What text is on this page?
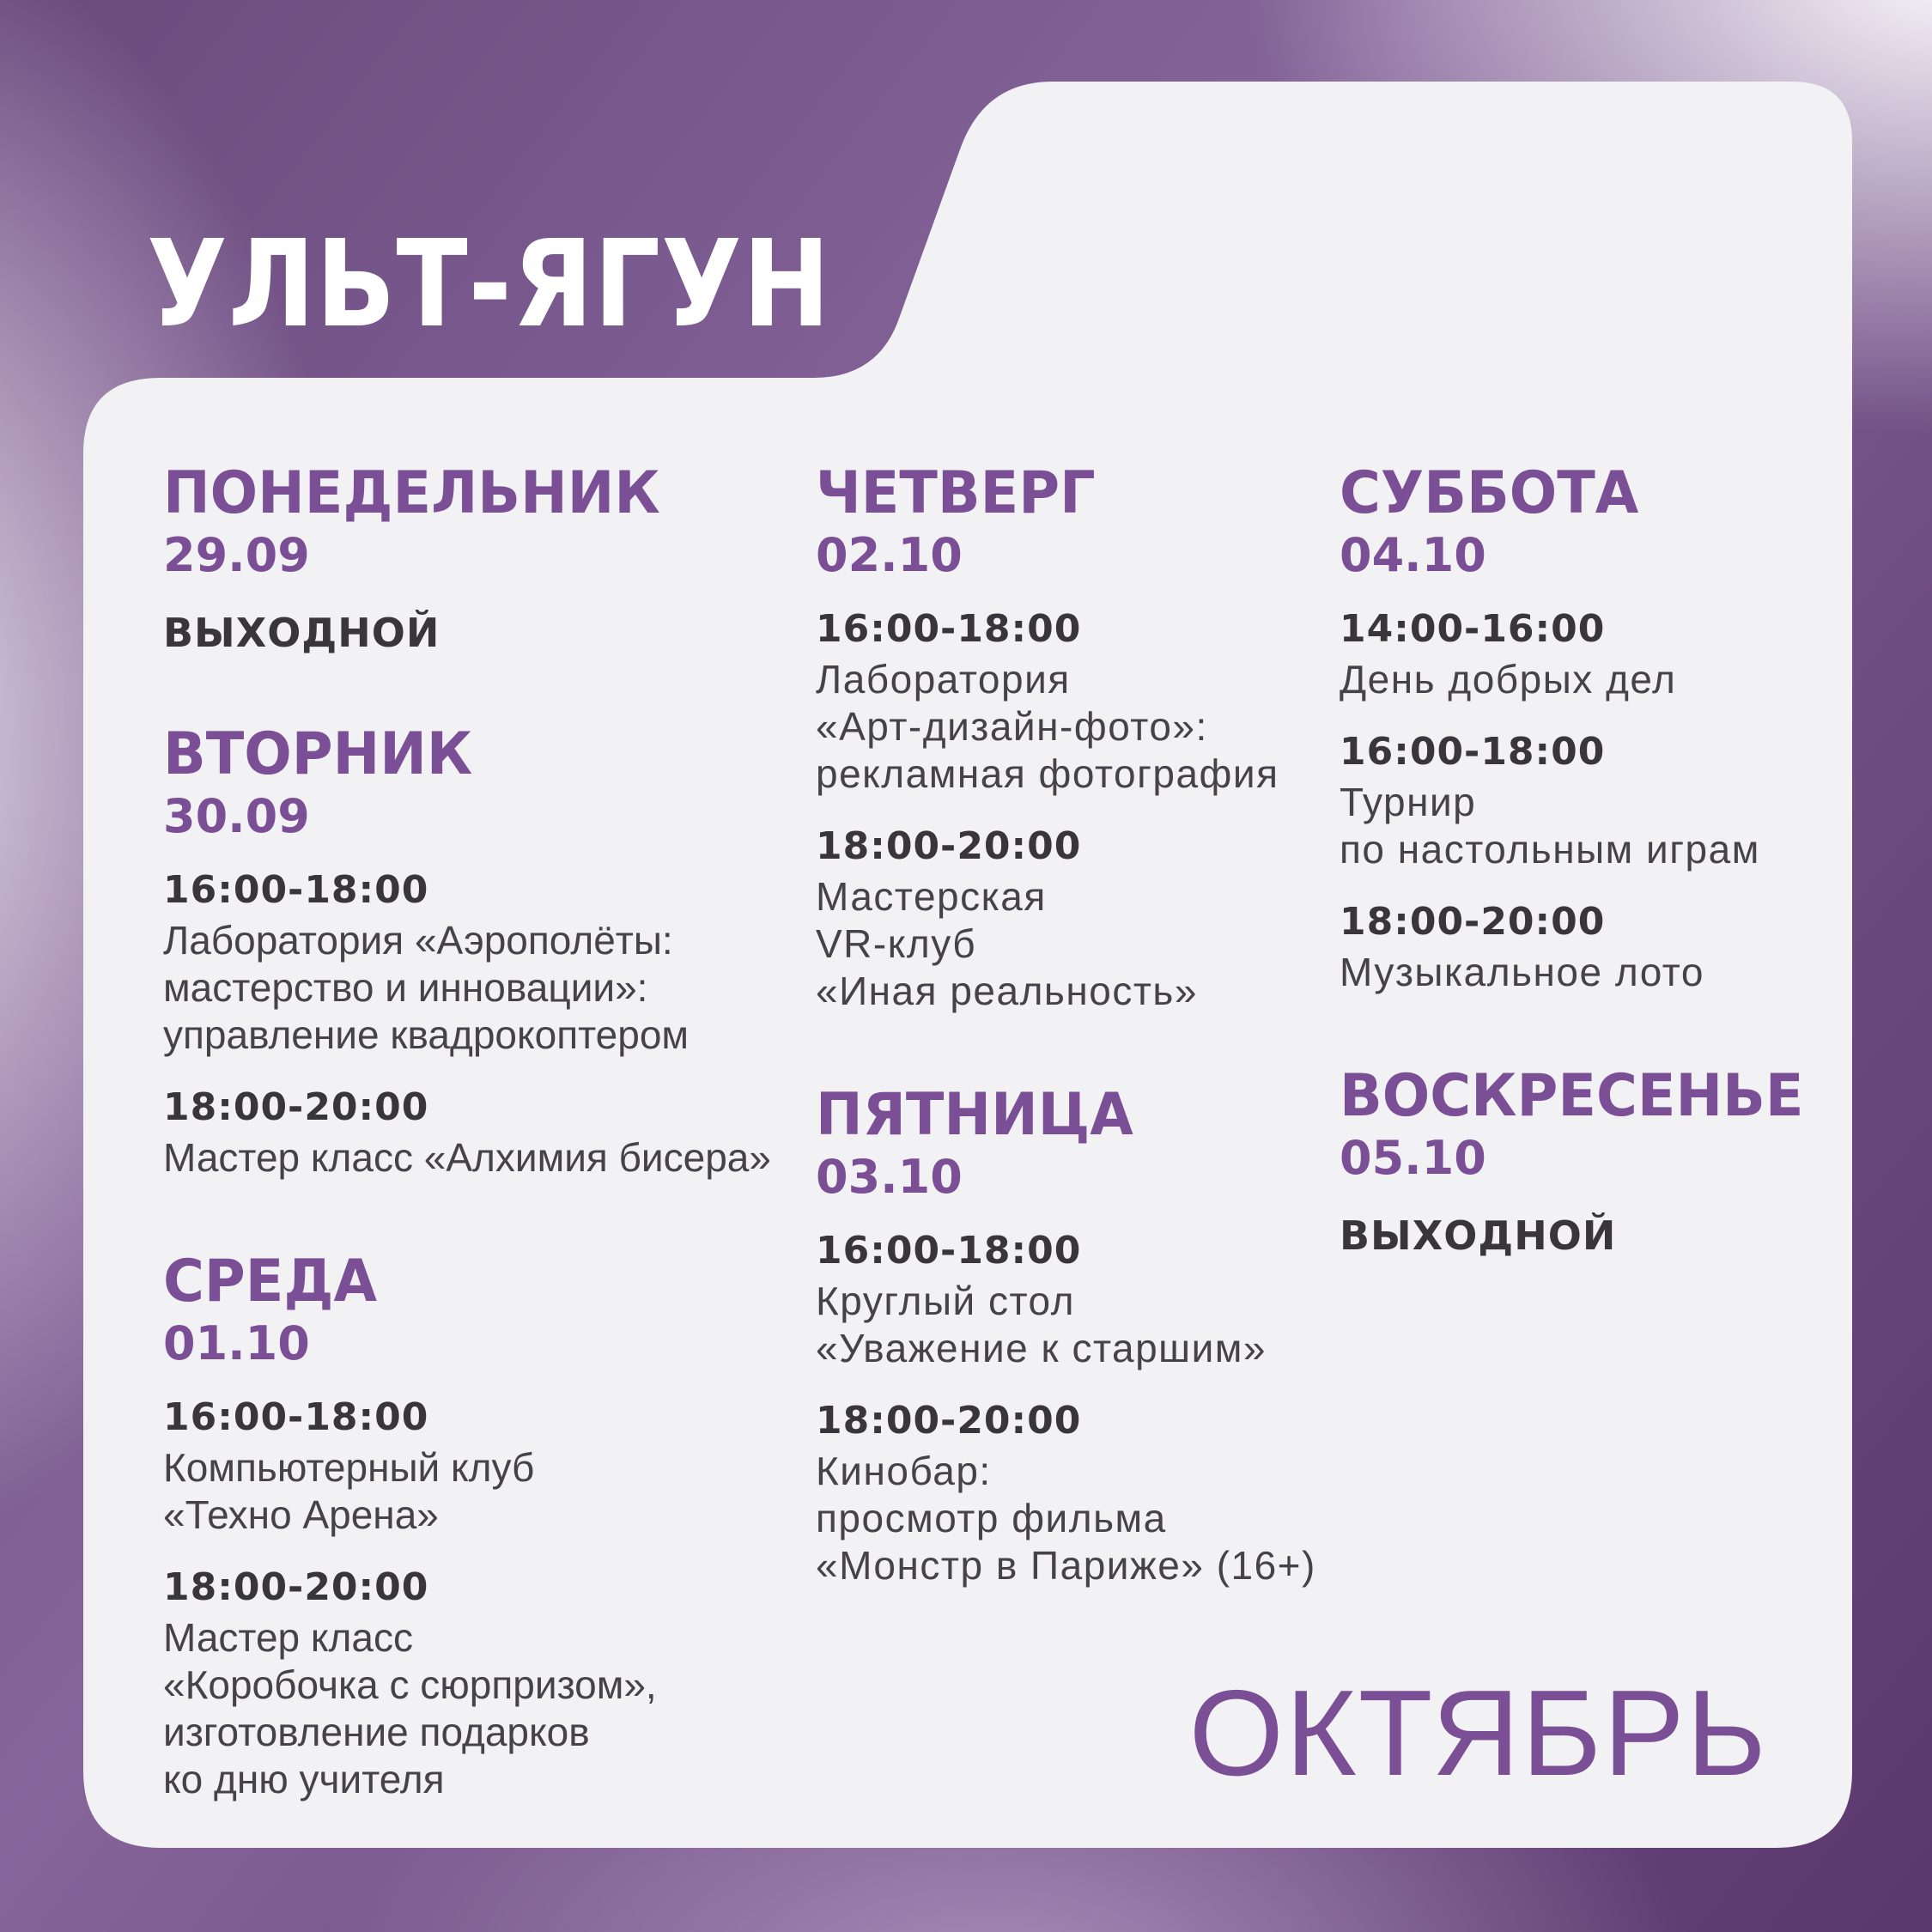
УЛЬТ-ЯГУН
ПОНЕДЕЛЬНИК
29.09
ВЫХОДНОЙ
ВТОРНИК
30.09
16:00-18:00
Лаборатория «Аэрополёты:
мастерство и инновации»:
управление квадрокоптером
18:00-20:00
Мастер класс «Алхимия бисера»
СРЕДА
01.10
16:00-18:00
Компьютерный клуб
«Техно Арена»
18:00-20:00
Мастер класс
«Коробочка с сюрпризом»,
изготовление подарков
ко дню учителя
ЧЕТВЕРГ
02.10
16:00-18:00
Лаборатория
«Арт-дизайн-фото»:
рекламная фотография
18:00-20:00
Мастерская
VR-клуб
«Иная реальность»
ПЯТНИЦА
03.10
16:00-18:00
Круглый стол
«Уважение к старшим»
18:00-20:00
Кинобар:
просмотр фильма
«Монстр в Париже» (16+)
СУББОТА
04.10
14:00-16:00
День добрых дел
16:00-18:00
Турнир
по настольным играм
18:00-20:00
Музыкальное лото
ВОСКРЕСЕНЬЕ
05.10
ВЫХОДНОЙ
ОКТЯБРЬ
